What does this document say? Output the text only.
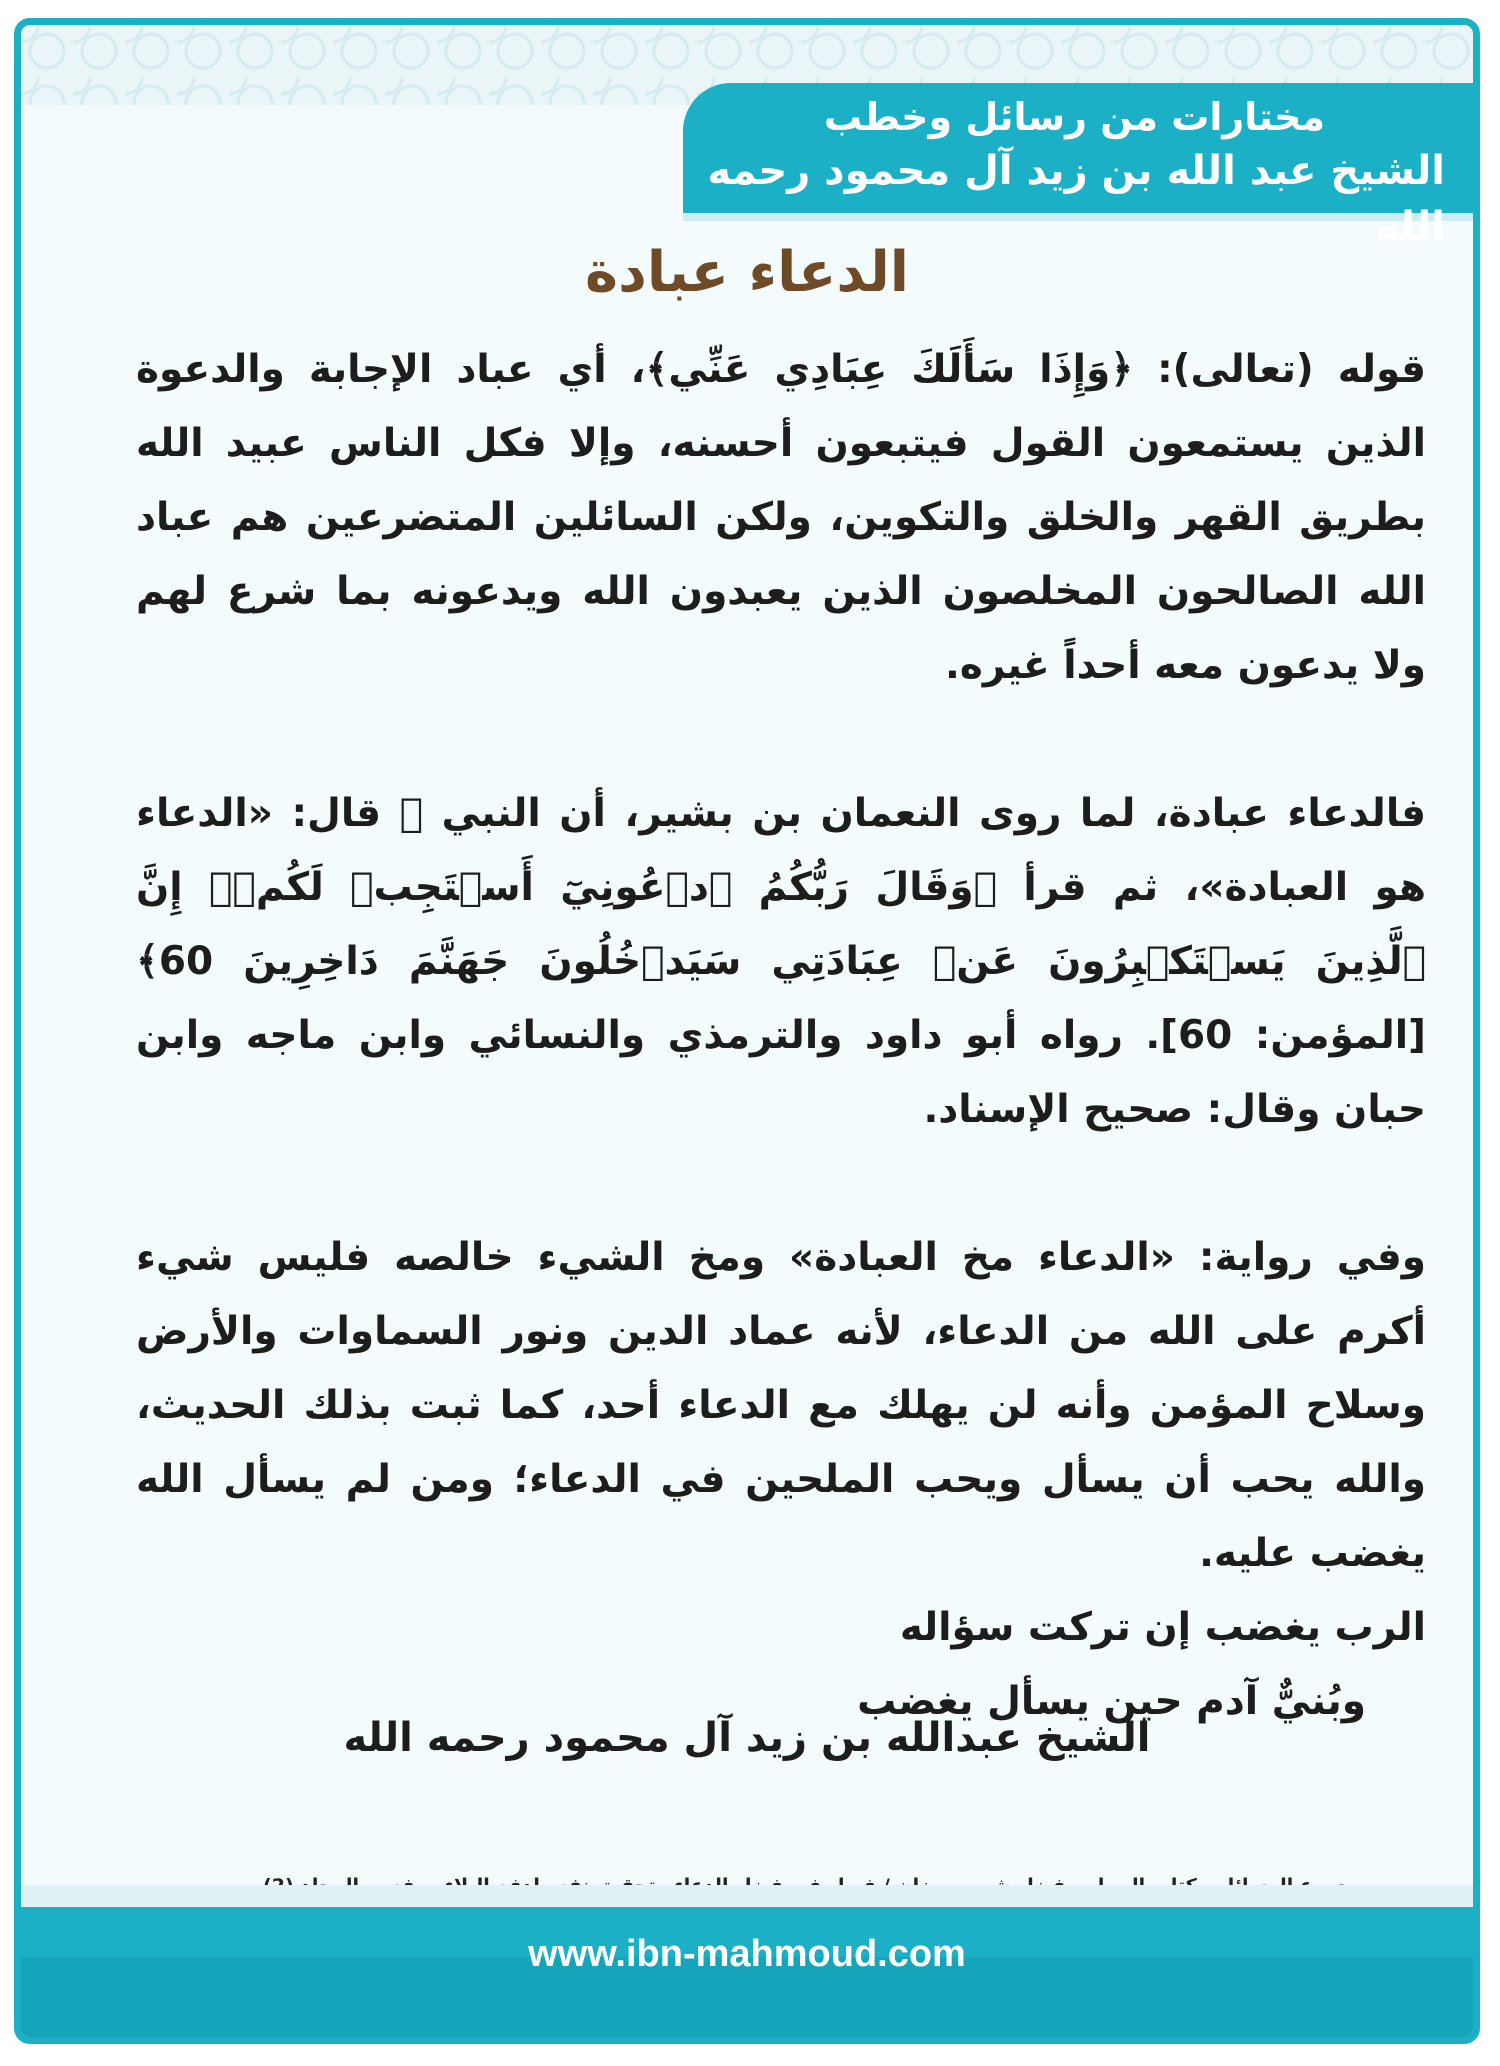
مختارات من رسائل وخطب
الشيخ عبد الله بن زيد آل محمود رحمه الله
الدعاء عبادة

قوله (تعالى): ﴿وَإِذَا سَأَلَكَ عِبَادِي عَنِّي﴾، أي عباد الإجابة والدعوة الذين يستمعون القول فيتبعون أحسنه، وإلا فكل الناس عبيد الله بطريق القهر والخلق والتكوين، ولكن السائلين المتضرعين هم عباد الله الصالحون المخلصون الذين يعبدون الله ويدعونه بما شرع لهم ولا يدعون معه أحداً غيره.

فالدعاء عبادة، لما روى النعمان بن بشير، أن النبي ﷺ قال: «الدعاء هو العبادة»، ثم قرأ ﴿وَقَالَ رَبُّكُمُ ٱدۡعُونِيٓ أَسۡتَجِبۡ لَكُمۡۚ إِنَّ ٱلَّذِينَ يَسۡتَكۡبِرُونَ عَنۡ عِبَادَتِي سَيَدۡخُلُونَ جَهَنَّمَ دَاخِرِينَ 60﴾ [المؤمن: 60]. رواه أبو داود والترمذي والنسائي وابن ماجه وابن حبان وقال: صحيح الإسناد.

وفي رواية: «الدعاء مخ العبادة» ومخ الشيء خالصه فليس شيء أكرم على الله من الدعاء، لأنه عماد الدين ونور السماوات والأرض وسلاح المؤمن وأنه لن يهلك مع الدعاء أحد، كما ثبت بذلك الحديث، والله يحب أن يسأل ويحب الملحين في الدعاء؛ ومن لم يسأل الله يغضب عليه.

الرب يغضب إن تركت سؤاله
وبُنيٌّ آدم حين يسأل يغضب
الشيخ عبدالله بن زيد آل محمود رحمه الله
www.ibn-mahmoud.com
